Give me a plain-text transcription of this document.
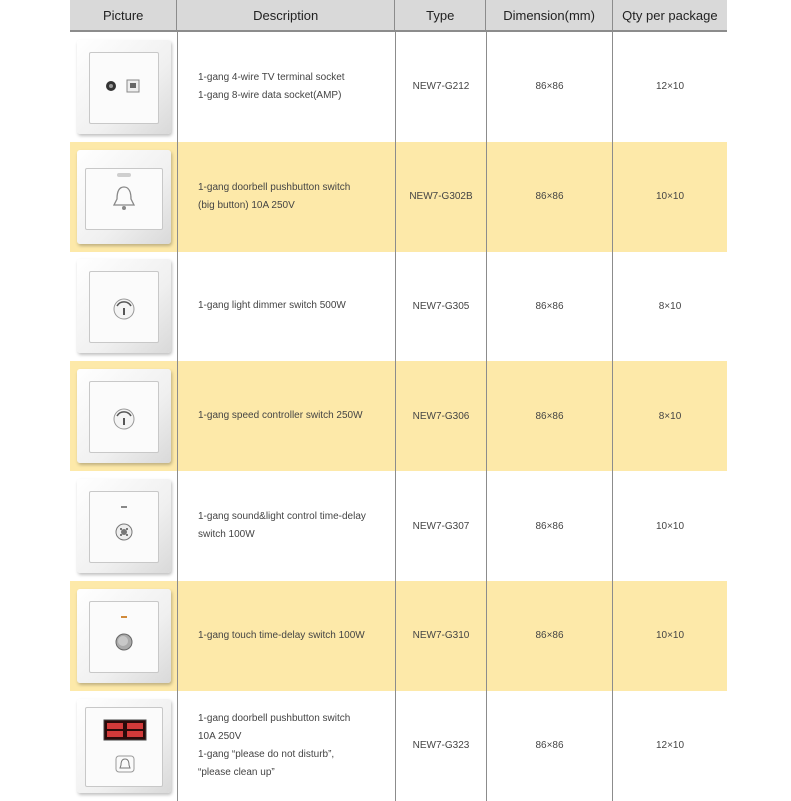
Picture	Description	Type	Dimension(mm)	Qty per package
1-gang 4-wire TV terminal socket
1-gang 8-wire data socket(AMP)
NEW7-G212	86×86	12×10
1-gang doorbell pushbutton switch
(big button) 10A 250V
NEW7-G302B	86×86	10×10
1-gang light dimmer switch 500W	NEW7-G305	86×86	8×10
1-gang speed controller switch 250W	NEW7-G306	86×86	8×10
1-gang sound&light control time-delay
switch 100W
NEW7-G307	86×86	10×10
1-gang touch time-delay switch 100W	NEW7-G310	86×86	10×10
1-gang doorbell pushbutton switch
10A 250V
1-gang “please do not disturb”,
“please clean up”
NEW7-G323	86×86	12×10
